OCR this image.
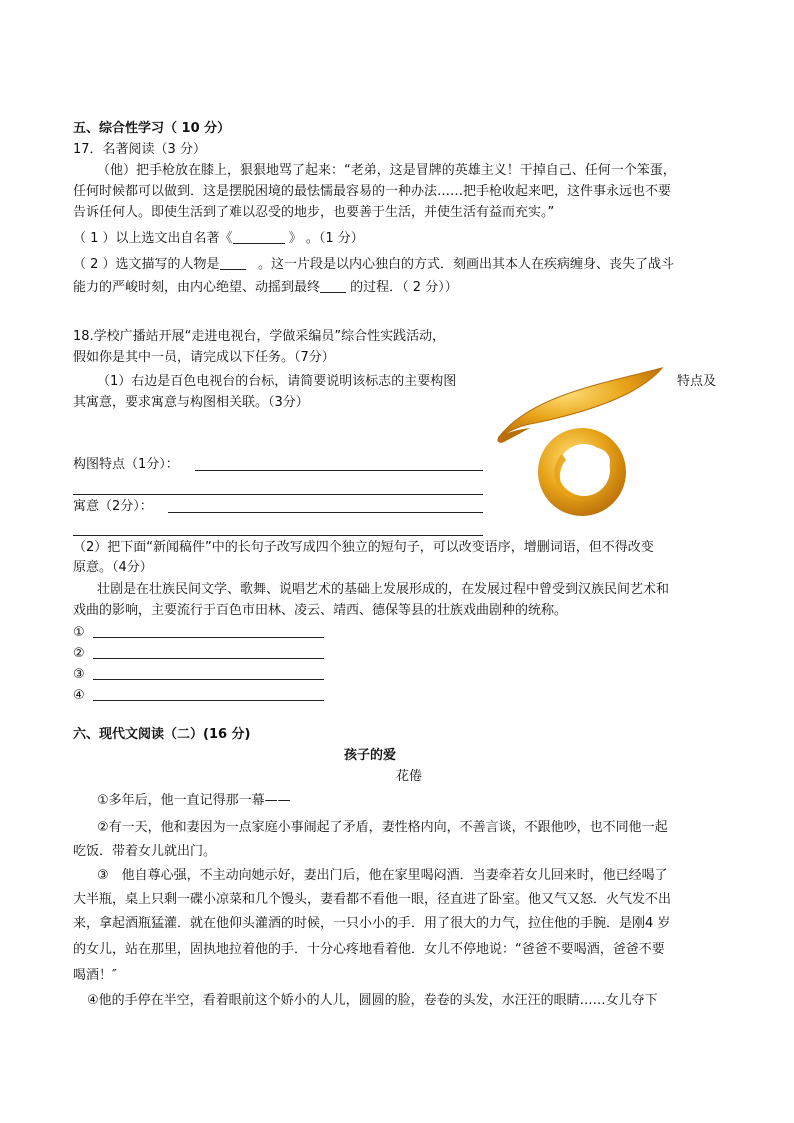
五、综合性学习（ 10 分）
17．名著阅读（3 分）
（他）把手枪放在膝上，狠狠地骂了起来：“老弟，这是冒牌的英雄主义！干掉自己、任何一个笨蛋，
任何时候都可以做到．这是摆脱困境的最怯懦最容易的一种办法……把手枪收起来吧，这件事永远也不要
告诉任何人。即使生活到了难以忍受的地步，也要善于生活，并使生活有益而充实。”
（ 1 ）以上选文出自名著《	》 。（1 分）
（ 2 ）选文描写的人物是	。这一片段是以内心独白的方式．刻画出其本人在疾病缠身、丧失了战斗
能力的严峻时刻，由内心绝望、动摇到最终 的过程．（ 2 分））
18.学校广播站开展“走进电视台，学做采编员”综合性实践活动，
假如你是其中一员，请完成以下任务。（7分）
（1）右边是百色电视台的台标，请简要说明该标志的主要构图	特点及
其寓意，要求寓意与构图相关联。（3分）
构图特点（1分）：
寓意（2分）：
（2）把下面“新闻稿件”中的长句子改写成四个独立的短句子，可以改变语序，增删词语，但不得改变
原意。（4分）
壮剧是在壮族民间文学、歌舞、说唱艺术的基础上发展形成的，在发展过程中曾受到汉族民间艺术和
戏曲的影响，主要流行于百色市田林、凌云、靖西、德保等县的壮族戏曲剧种的统称。
①
②
③
④
六、现代文阅读（二）(16 分)
孩子的爱
花倦
①多年后，他一直记得那一幕——
②有一天，他和妻因为一点家庭小事闹起了矛盾，妻性格内向，不善言谈，不跟他吵，也不同他一起
吃饭．带着女儿就出门。
③　他自尊心强，不主动向她示好，妻出门后，他在家里喝闷酒．当妻牵若女儿回来时，他已经喝了
大半瓶，桌上只剩一碟小凉菜和几个馒头，妻看都不看他一眼，径直进了卧室。他又气又怒．火气发不出
来，拿起酒瓶猛灌．就在他仰头灌酒的时候，一只小小的手．用了很大的力气，拉住他的手腕．是刚4 岁
的女儿，站在那里，固执地拉着他的手．十分心疼地看着他．女儿不停地说：“爸爸不要喝酒，爸爸不要
喝酒！″
④他的手停在半空，看着眼前这个娇小的人儿，圆圆的脸，卷卷的头发，水汪汪的眼睛……女儿夺下
